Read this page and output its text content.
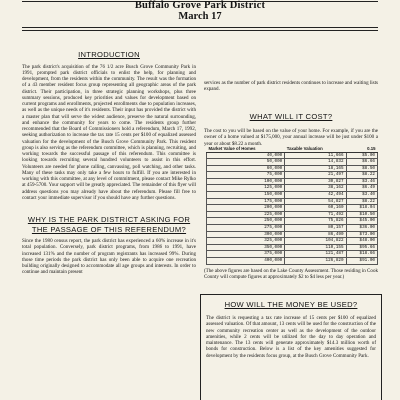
Buffalo Grove Park District
March 17
INTRODUCTION

The park district's acquisition of the 76 1/2 acre Busch Grove Community Park in 1991, prompted park district officials to enlist the help, for planning and development, from the residents within the community. The result was the formation of a 43 member resident focus group representing all geographic areas of the park district. Their participation, in three strategic planning workshops, plus three summary sessions, produced key priorities and values for development based on current programs and enrollments, projected enrollments due to population increases, as well as the unique needs of it's residents. Their input has provided the district with a master plan that will serve the widest audience, preserve the natural surrounding, and enhance the community for years to come. The residents group further recommended that the Board of Commissioners hold a referendum, March 17, 1992, seeking authorization to increase the tax rate 15 cents per $100 of equalized assessed valuation for the development of the Busch Grove Community Park. This resident group is also serving as the referendum committee, which is planning, recruiting, and working towards the successful passage of this referendum. This committee is looking towards recruiting several hundred volunteers to assist in this effort. Volunteers are needed for phone calling, canvassing, poll watching, and other tasks. Many of these tasks may only take a few hours to fulfill. If you are interested in working with this committee, at any level of commitment, please contact Mike Rylko at 459-5700. Your support will be greatly appreciated. The remainder of this flyer will address questions you may already have about the referendum. Please fill free to contact your immediate supervisor if you should have any further questions.

WHY IS THE PARK DISTRICT ASKING FOR THE PASSAGE OF THIS REFERENDUM?

Since the 1980 census report, the park district has experienced a 60% increase in it's total population. Conversely, park district programs, from 1986 to 1991, have increased 131% and the number of program registrants has increased 99%. During those time periods the park district has only been able to acquire one recreation building originally designed to accommodate all age groups and interests. In order to continue and maintain present

services as the number of park district residents continues to increase and waiting lists expand.

WHAT WILL IT COST?

The cost to you will be based on the value of your home. For example, if you are the owner of a home valued at $175,000, your annual increase will be just under $100 a year or about $8.22 a month.

Market Value of Homes	Taxable Valuation	0.15
40,000	11,666	$5.00
50,000	14,832	$6.66
60,000	18,165	$8.50
75,000	21,497	$8.22
100,000	30,827	$3.46
125,000	38,162	$6.49
150,000	42,494	$3.40
175,000	54,827	$8.22
200,000	60,160	$18.04
225,000	71,492	$10.50
250,000	75,826	$45.00
275,000	80,157	$36.00
300,000	86,490	$73.00
325,000	104,822	$48.00
350,000	110,155	$95.66
375,000	121,487	$18.66
400,000	126,820	$91.00

(The above figures are based on the Lake County Assessment. Those residing in Cook County will compute figures at approximately $2 to $4 less per year.)

HOW WILL THE MONEY BE USED?

The district is requesting a tax rate increase of 15 cents per $100 of equalized assessed valuation. Of that amount, 13 cents will be used for the construction of the new community recreation center as well as the development of the outdoor amenities, while 2 cents will be utilized for the day to day operation and maintenance. The 13 cents will generate approximately $14.3 million worth of bonds for construction. Below is a list of the key amenities suggested for development by the residents focus group, at the Busch Grove Community Park.
